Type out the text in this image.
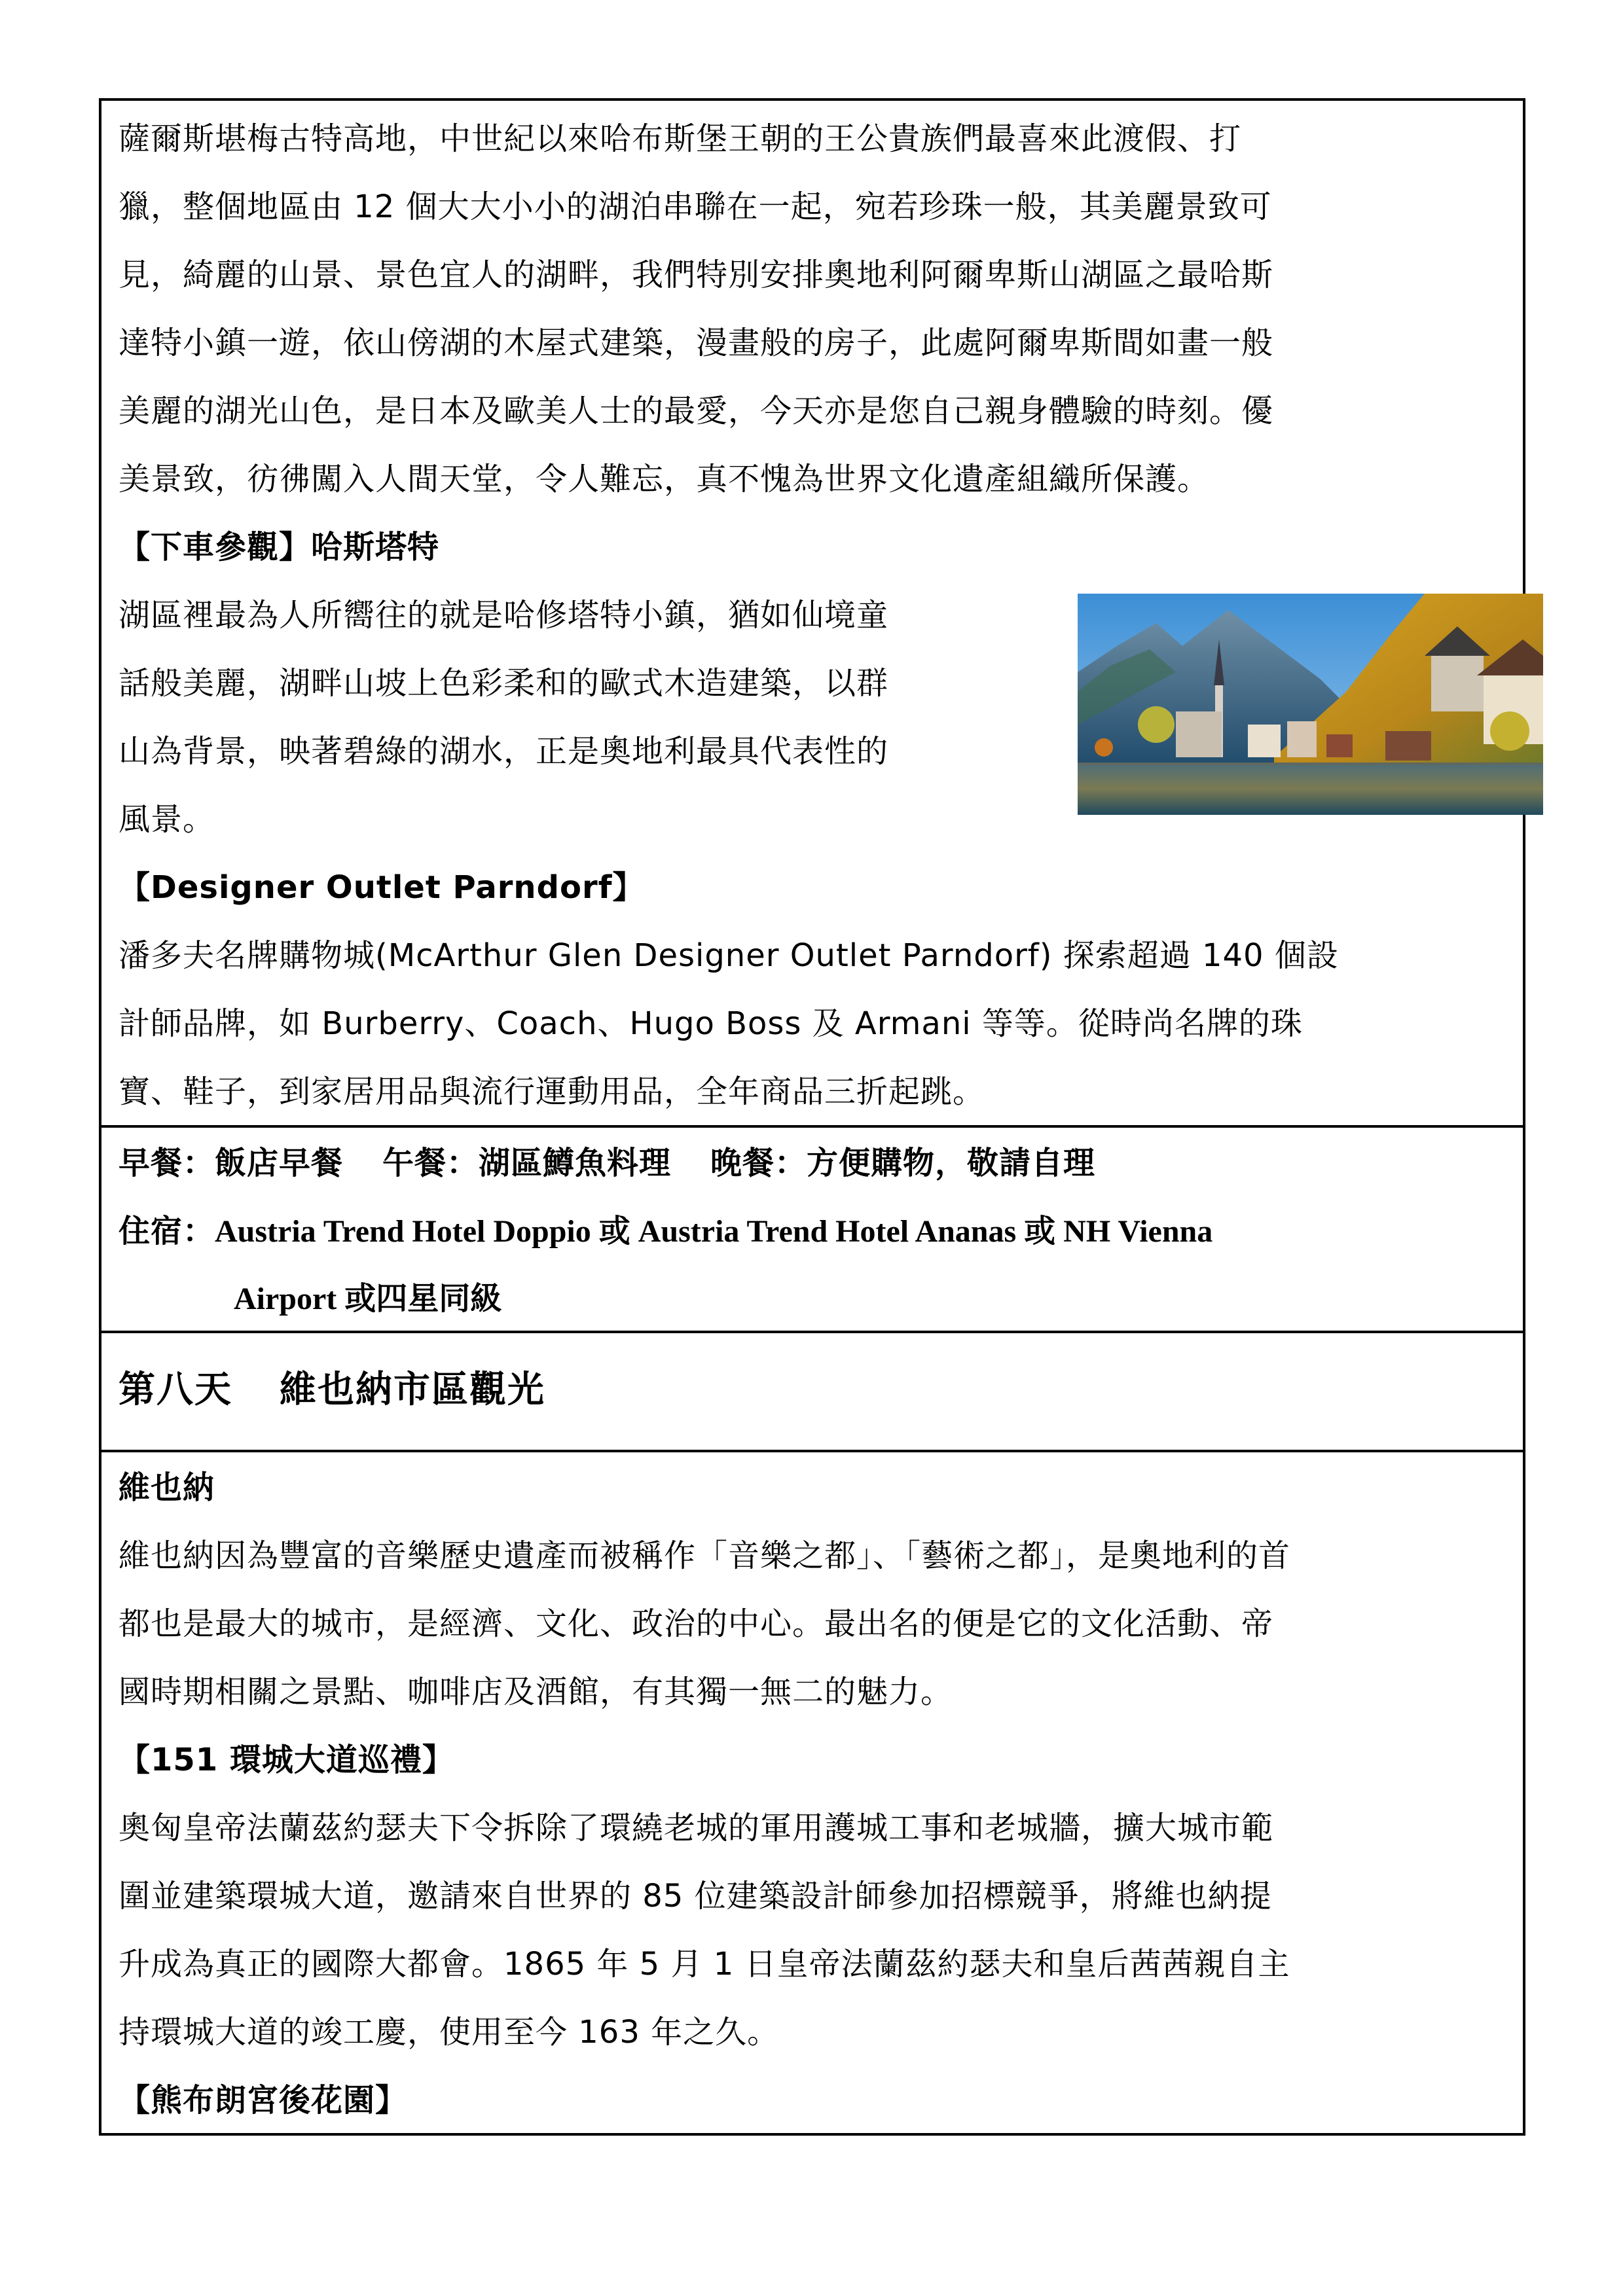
薩爾斯堪梅古特高地，中世紀以來哈布斯堡王朝的王公貴族們最喜來此渡假、打
獵，整個地區由 12 個大大小小的湖泊串聯在一起，宛若珍珠一般，其美麗景致可
見，綺麗的山景、景色宜人的湖畔，我們特別安排奧地利阿爾卑斯山湖區之最哈斯
達特小鎮一遊，依山傍湖的木屋式建築，漫畫般的房子，此處阿爾卑斯間如畫一般
美麗的湖光山色，是日本及歐美人士的最愛，今天亦是您自己親身體驗的時刻。優
美景致，彷彿闖入人間天堂，令人難忘，真不愧為世界文化遺產組織所保護。
【下車參觀】哈斯塔特
湖區裡最為人所嚮往的就是哈修塔特小鎮，猶如仙境童
話般美麗，湖畔山坡上色彩柔和的歐式木造建築，以群
山為背景，映著碧綠的湖水，正是奧地利最具代表性的
風景。
【Designer Outlet Parndorf】
潘多夫名牌購物城(McArthur Glen Designer Outlet Parndorf) 探索超過 140 個設
計師品牌，如 Burberry、Coach、Hugo Boss 及 Armani 等等。從時尚名牌的珠
寶、鞋子，到家居用品與流行運動用品，全年商品三折起跳。
早餐：飯店早餐 午餐：湖區鱒魚料理 晚餐：方便購物，敬請自理
住宿：Austria Trend Hotel Doppio 或 Austria Trend Hotel Ananas 或 NH Vienna
Airport 或四星同級
第八天 維也納市區觀光
維也納
維也納因為豐富的音樂歷史遺產而被稱作「音樂之都」、「藝術之都」，是奧地利的首
都也是最大的城市，是經濟、文化、政治的中心。最出名的便是它的文化活動、帝
國時期相關之景點、咖啡店及酒館，有其獨一無二的魅力。
【151 環城大道巡禮】
奧匈皇帝法蘭茲約瑟夫下令拆除了環繞老城的軍用護城工事和老城牆，擴大城市範
圍並建築環城大道，邀請來自世界的 85 位建築設計師參加招標競爭，將維也納提
升成為真正的國際大都會。1865 年 5 月 1 日皇帝法蘭茲約瑟夫和皇后茜茜親自主
持環城大道的竣工慶，使用至今 163 年之久。
【熊布朗宮後花園】
